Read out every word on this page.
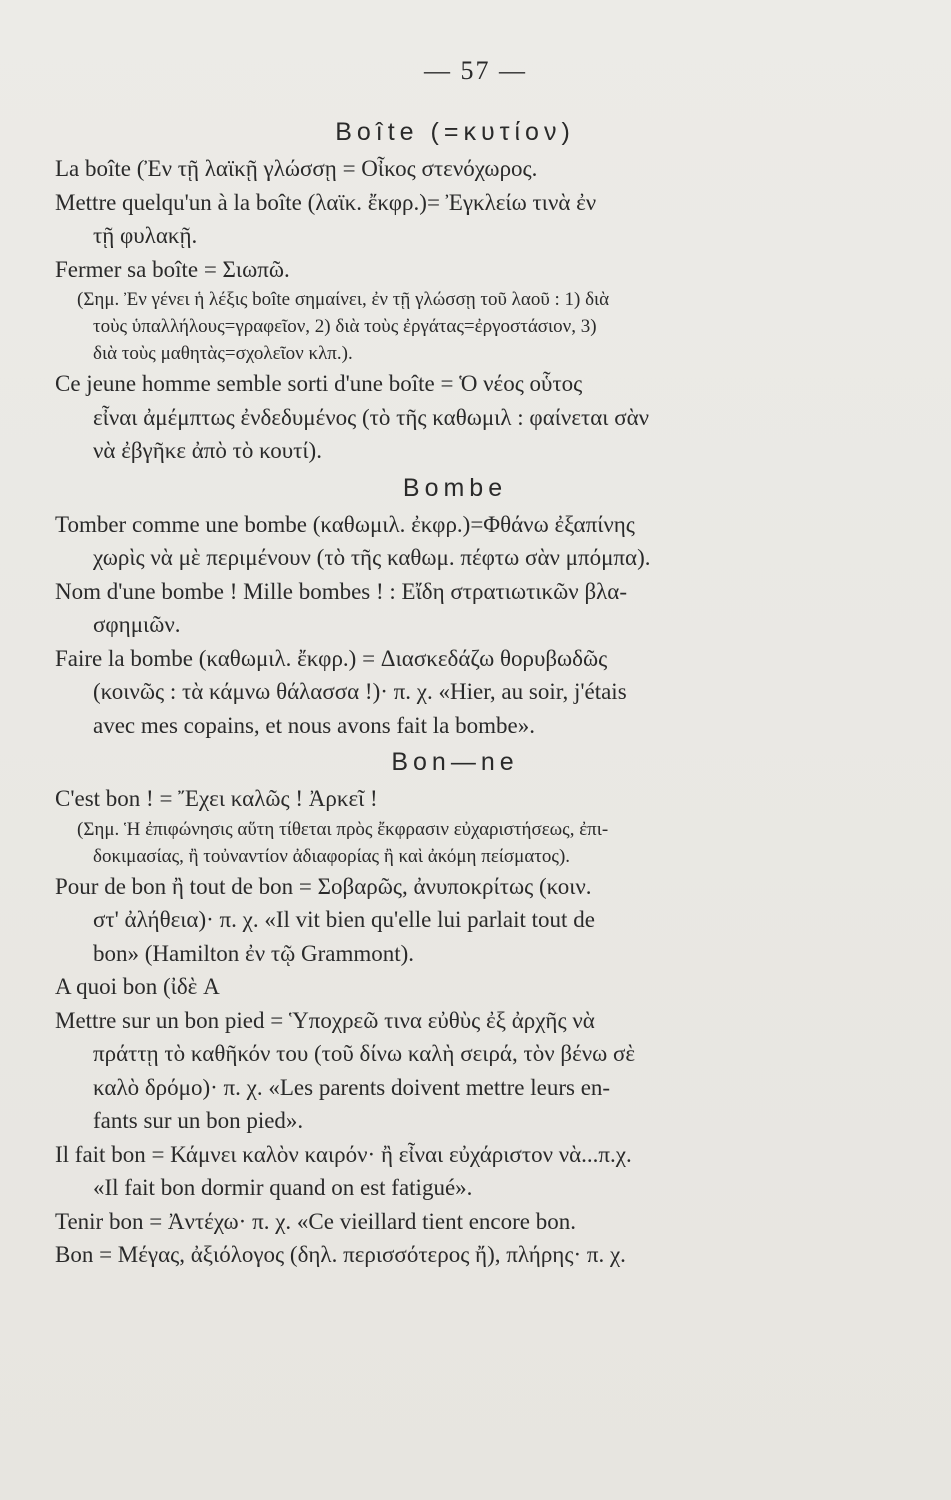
— 57 —
Boîte (=κυτίον)
La boîte (Ἐν τῇ λαϊκῇ γλώσσῃ = Οἶκος στενόχωρος.
Mettre quelqu'un à la boîte (λαϊκ. ἔκφρ.)= Ἐγκλείω τινὰ ἐν
τῇ φυλακῇ.
Fermer sa boîte = Σιωπῶ.
(Σημ. Ἐν γένει ἡ λέξις boîte σημαίνει, ἐν τῇ γλώσσῃ τοῦ λαοῦ : 1) διὰ
τοὺς ὑπαλλήλους=γραφεῖον, 2) διὰ τοὺς ἐργάτας=ἐργοστάσιον, 3)
διὰ τοὺς μαθητὰς=σχολεῖον κλπ.).
Ce jeune homme semble sorti d'une boîte = Ὁ νέος οὗτος
εἶναι ἀμέμπτως ἐνδεδυμένος (τὸ τῆς καθωμιλ : φαίνεται σὰν
νὰ ἐβγῆκε ἀπὸ τὸ κουτί).
Bombe
Tomber comme une bombe (καθωμιλ. ἐκφρ.)=Φθάνω ἐξαπίνης
χωρὶς νὰ μὲ περιμένουν (τὸ τῆς καθωμ. πέφτω σὰν μπόμπα).
Nom d'une bombe ! Mille bombes ! : Εἴδη στρατιωτικῶν βλα-
σφημιῶν.
Faire la bombe (καθωμιλ. ἔκφρ.) = Διασκεδάζω θορυβωδῶς
(κοινῶς : τὰ κάμνω θάλασσα !)· π. χ. «Hier, au soir, j'étais
avec mes copains, et nous avons fait la bombe».
Bon—ne
C'est bon ! = Ἔχει καλῶς ! Ἀρκεῖ !
(Σημ. Ἡ ἐπιφώνησις αὕτη τίθεται πρὸς ἔκφρασιν εὐχαριστήσεως, ἐπι-
δοκιμασίας, ἢ τοὐναντίον ἀδιαφορίας ἢ καὶ ἀκόμη πείσματος).
Pour de bon ἢ tout de bon = Σοβαρῶς, ἀνυποκρίτως (κοιν.
στ' ἀλήθεια)· π. χ. «Il vit bien qu'elle lui parlait tout de
bon» (Hamilton ἐν τῷ Grammont).
A quoi bon (ἰδὲ A
Mettre sur un bon pied = Ὑποχρεῶ τινα εὐθὺς ἐξ ἀρχῆς νὰ
πράττῃ τὸ καθῆκόν του (τοῦ δίνω καλὴ σειρά, τὸν βένω σὲ
καλὸ δρόμο)· π. χ. «Les parents doivent mettre leurs en-
fants sur un bon pied».
Il fait bon = Κάμνει καλὸν καιρόν· ἢ εἶναι εὐχάριστον νὰ...π.χ.
«Il fait bon dormir quand on est fatigué».
Tenir bon = Ἀντέχω· π. χ. «Ce vieillard tient encore bon.
Bon = Μέγας, ἀξιόλογος (δηλ. περισσότερος ἤ), πλήρης· π. χ.
